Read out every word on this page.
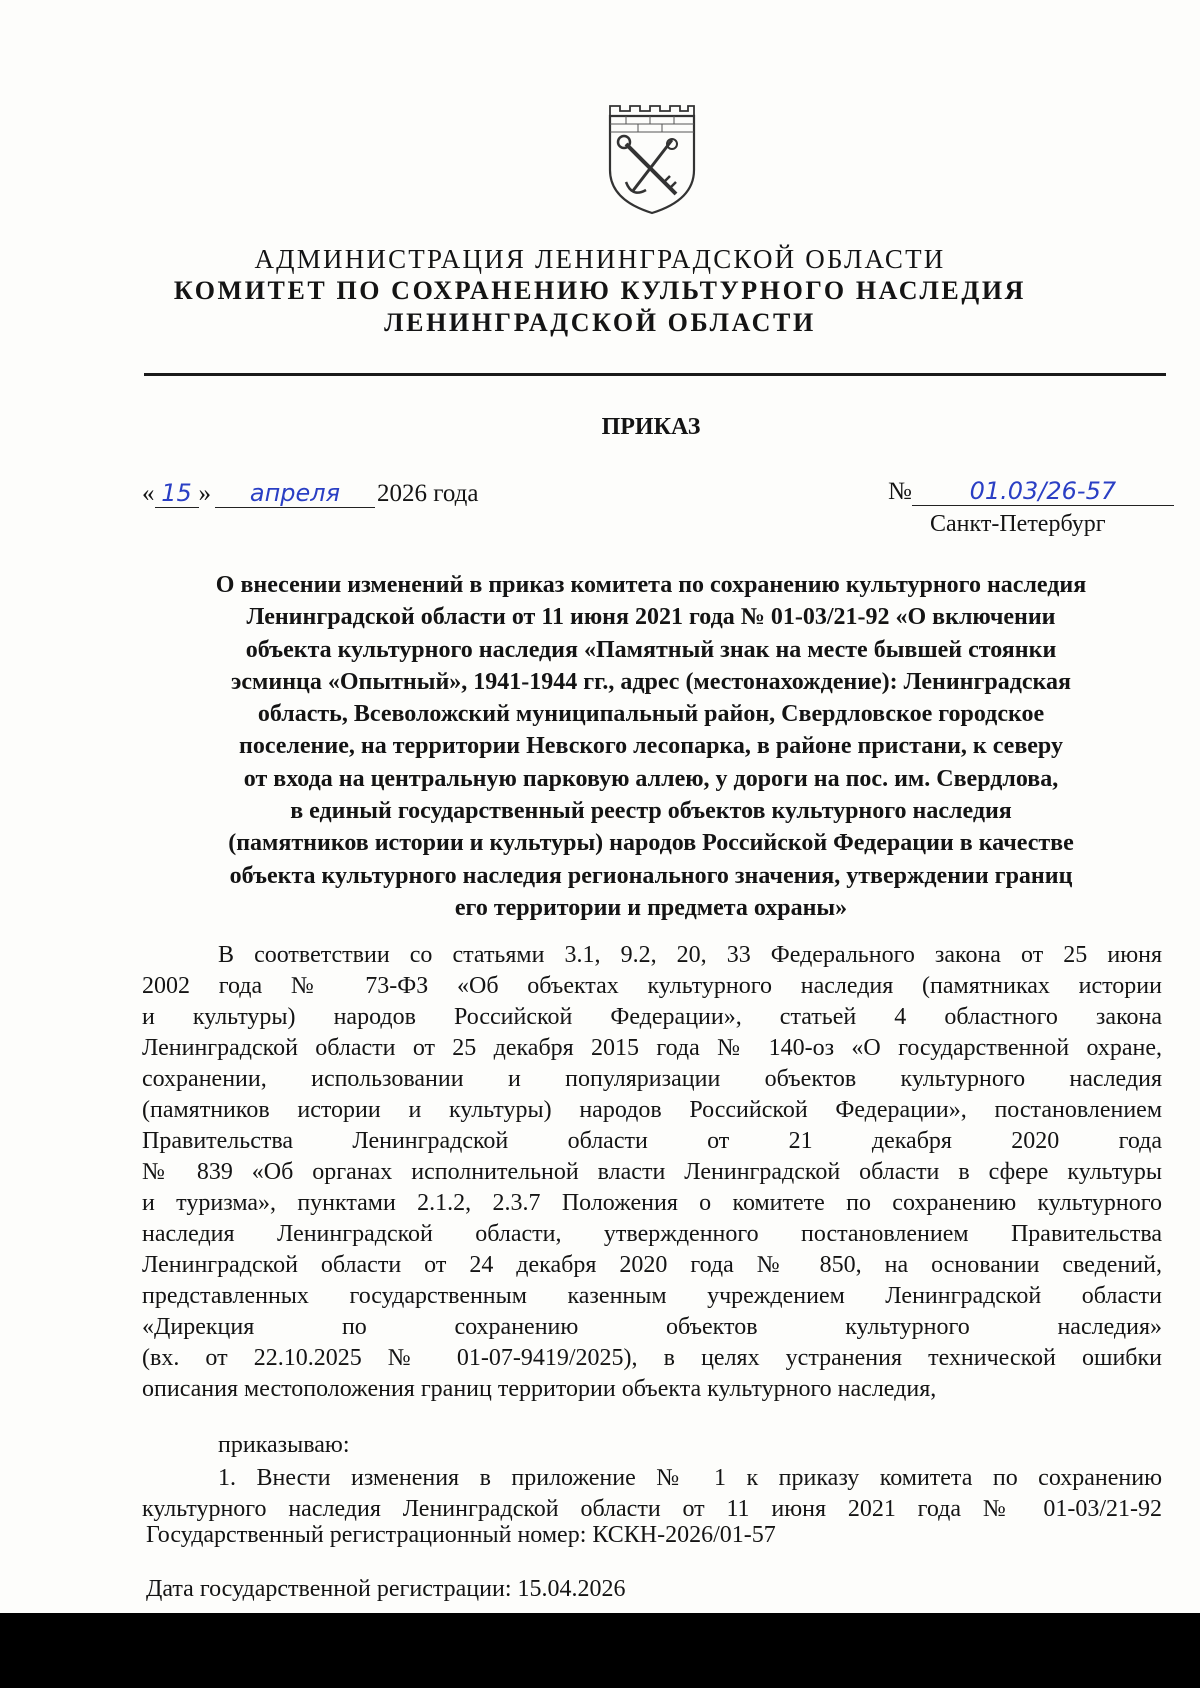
АДМИНИСТРАЦИЯ ЛЕНИНГРАДСКОЙ ОБЛАСТИ
КОМИТЕТ ПО СОХРАНЕНИЮ КУЛЬТУРНОГО НАСЛЕДИЯ
ЛЕНИНГРАДСКОЙ ОБЛАСТИ
ПРИКАЗ
« 15 » апреля 2026 года	№ 01.03/26-57
Санкт-Петербург
О внесении изменений в приказ комитета по сохранению культурного наследия
Ленинградской области от 11 июня 2021 года № 01-03/21-92 «О включении
объекта культурного наследия «Памятный знак на месте бывшей стоянки
эсминца «Опытный», 1941-1944 гг., адрес (местонахождение): Ленинградская
область, Всеволожский муниципальный район, Свердловское городское
поселение, на территории Невского лесопарка, в районе пристани, к северу
от входа на центральную парковую аллею, у дороги на пос. им. Свердлова,
в единый государственный реестр объектов культурного наследия
(памятников истории и культуры) народов Российской Федерации в качестве
объекта культурного наследия регионального значения, утверждении границ
его территории и предмета охраны»
В соответствии со статьями 3.1, 9.2, 20, 33 Федерального закона от 25 июня
2002 года № 73-ФЗ «Об объектах культурного наследия (памятниках истории
и культуры) народов Российской Федерации», статьей 4 областного закона
Ленинградской области от 25 декабря 2015 года № 140-оз «О государственной охране,
сохранении, использовании и популяризации объектов культурного наследия
(памятников истории и культуры) народов Российской Федерации», постановлением
Правительства Ленинградской области от 21 декабря 2020 года
№ 839 «Об органах исполнительной власти Ленинградской области в сфере культуры
и туризма», пунктами 2.1.2, 2.3.7 Положения о комитете по сохранению культурного
наследия Ленинградской области, утвержденного постановлением Правительства
Ленинградской области от 24 декабря 2020 года № 850, на основании сведений,
представленных государственным казенным учреждением Ленинградской области
«Дирекция по сохранению объектов культурного наследия»
(вх. от 22.10.2025 № 01-07-9419/2025), в целях устранения технической ошибки
описания местоположения границ территории объекта культурного наследия,
приказываю:
1. Внести изменения в приложение № 1 к приказу комитета по сохранению
культурного наследия Ленинградской области от 11 июня 2021 года № 01-03/21-92
Государственный регистрационный номер: КСКН-2026/01-57
Дата государственной регистрации: 15.04.2026
